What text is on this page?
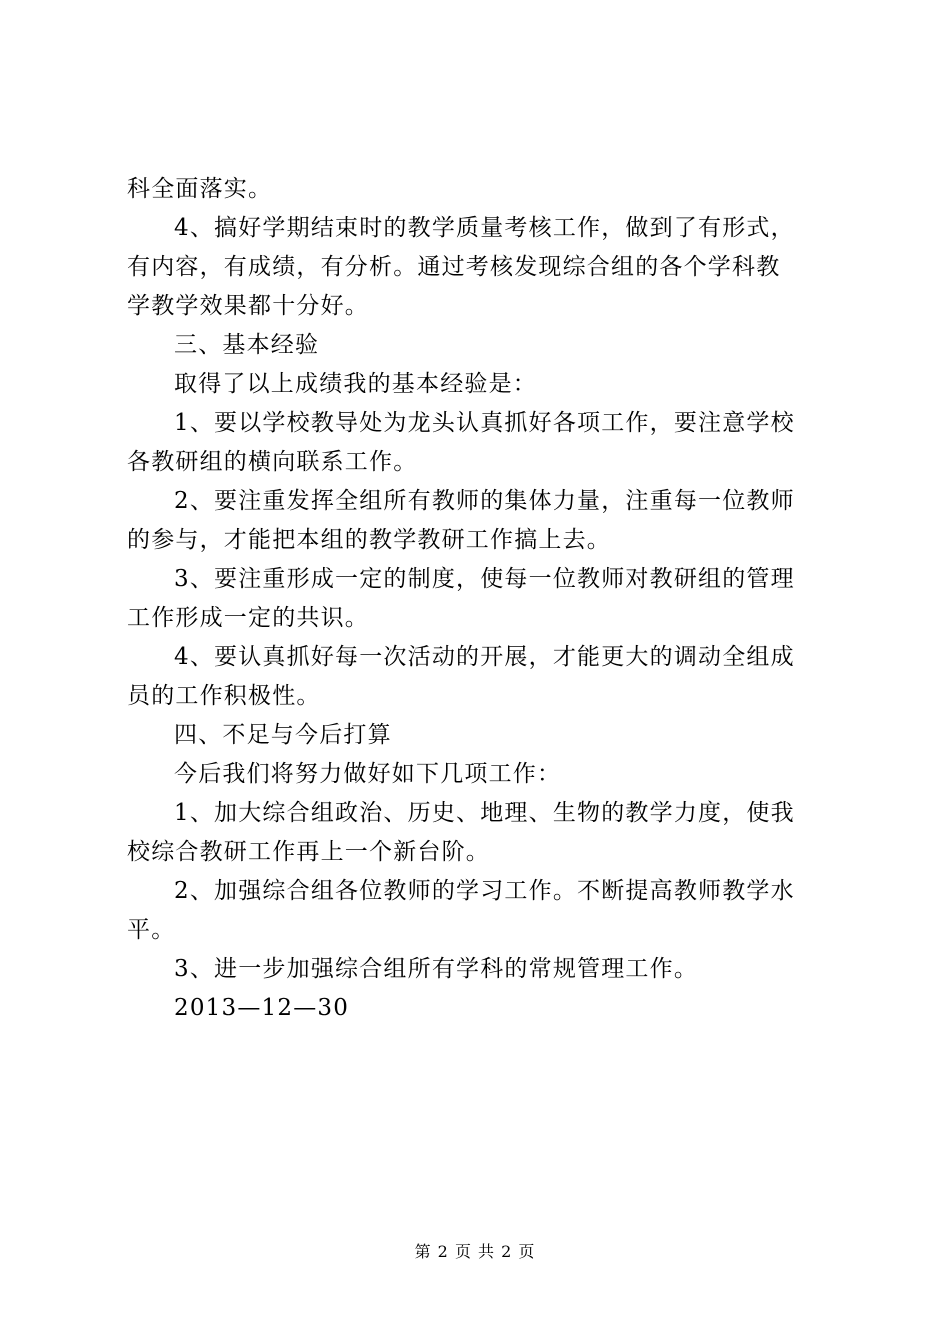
科全面落实。
4、搞好学期结束时的教学质量考核工作，做到了有形式，
有内容，有成绩，有分析。通过考核发现综合组的各个学科教
学教学效果都十分好。
三、基本经验
取得了以上成绩我的基本经验是：
1、要以学校教导处为龙头认真抓好各项工作，要注意学校
各教研组的横向联系工作。
2、要注重发挥全组所有教师的集体力量，注重每一位教师
的参与，才能把本组的教学教研工作搞上去。
3、要注重形成一定的制度，使每一位教师对教研组的管理
工作形成一定的共识。
4、要认真抓好每一次活动的开展，才能更大的调动全组成
员的工作积极性。
四、不足与今后打算
今后我们将努力做好如下几项工作：
1、加大综合组政治、历史、地理、生物的教学力度，使我
校综合教研工作再上一个新台阶。
2、加强综合组各位教师的学习工作。不断提高教师教学水
平。
3、进一步加强综合组所有学科的常规管理工作。
2013—12—30
第 2 页 共 2 页
